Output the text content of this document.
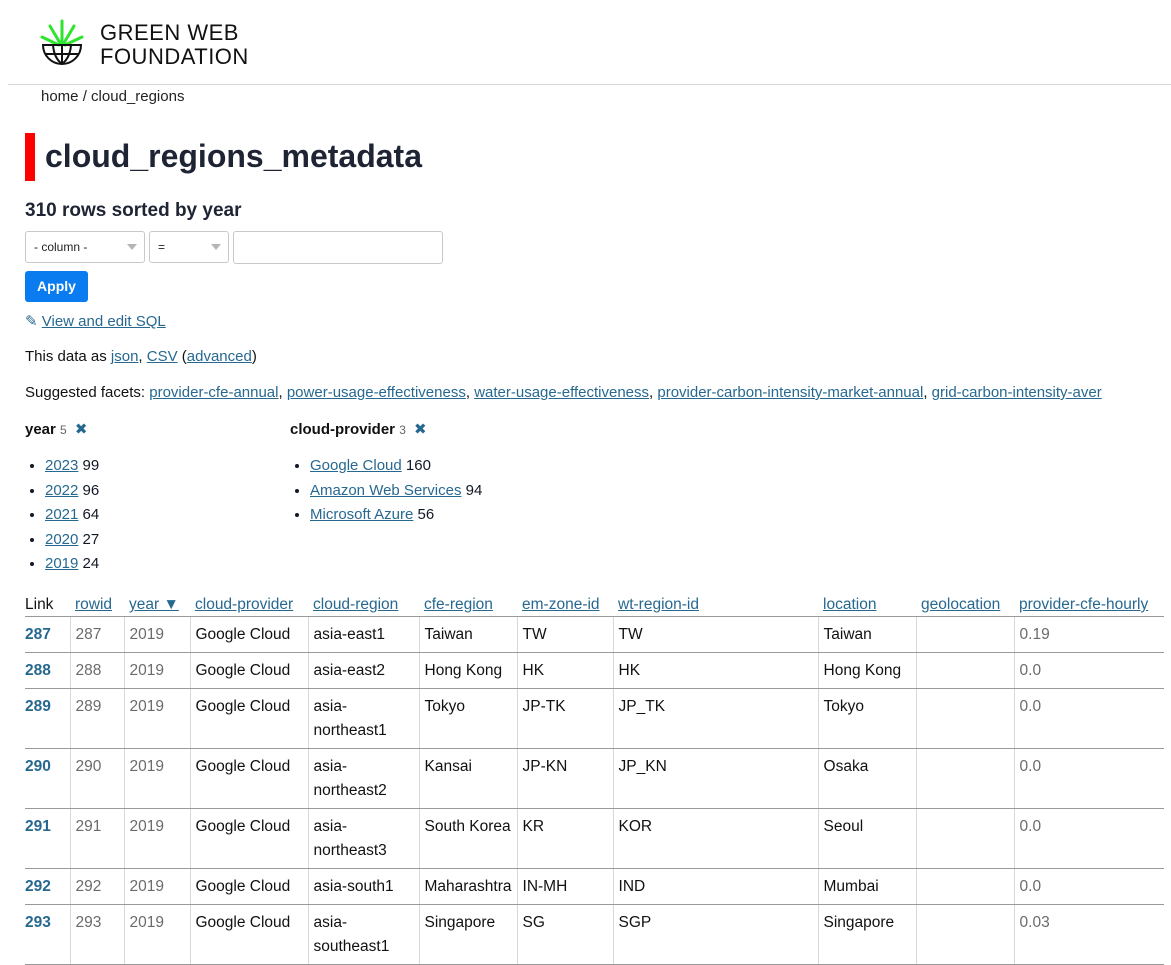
GREEN WEB
FOUNDATION
home / cloud_regions
cloud_regions_metadata
310 rows sorted by year
- column -	=
Apply
✎ View and edit SQL
This data as json, CSV (advanced)
Suggested facets: provider-cfe-annual, power-usage-effectiveness, water-usage-effectiveness, provider-carbon-intensity-market-annual, grid-carbon-intensity-aver
year 5 ✖
• 2023 99
• 2022 96
• 2021 64
• 2020 27
• 2019 24
cloud-provider 3 ✖
• Google Cloud 160
• Amazon Web Services 94
• Microsoft Azure 56
Link	rowid	year ▼	cloud-provider	cloud-region	cfe-region	em-zone-id	wt-region-id	location	geolocation	provider-cfe-hourly
287	287	2019	Google Cloud	asia-east1	Taiwan	TW	TW	Taiwan		0.19
288	288	2019	Google Cloud	asia-east2	Hong Kong	HK	HK	Hong Kong		0.0
289	289	2019	Google Cloud	asia-
northeast1	Tokyo	JP-TK	JP_TK	Tokyo		0.0
290	290	2019	Google Cloud	asia-
northeast2	Kansai	JP-KN	JP_KN	Osaka		0.0
291	291	2019	Google Cloud	asia-
northeast3	South Korea	KR	KOR	Seoul		0.0
292	292	2019	Google Cloud	asia-south1	Maharashtra	IN-MH	IND	Mumbai		0.0
293	293	2019	Google Cloud	asia-
southeast1	Singapore	SG	SGP	Singapore		0.03
